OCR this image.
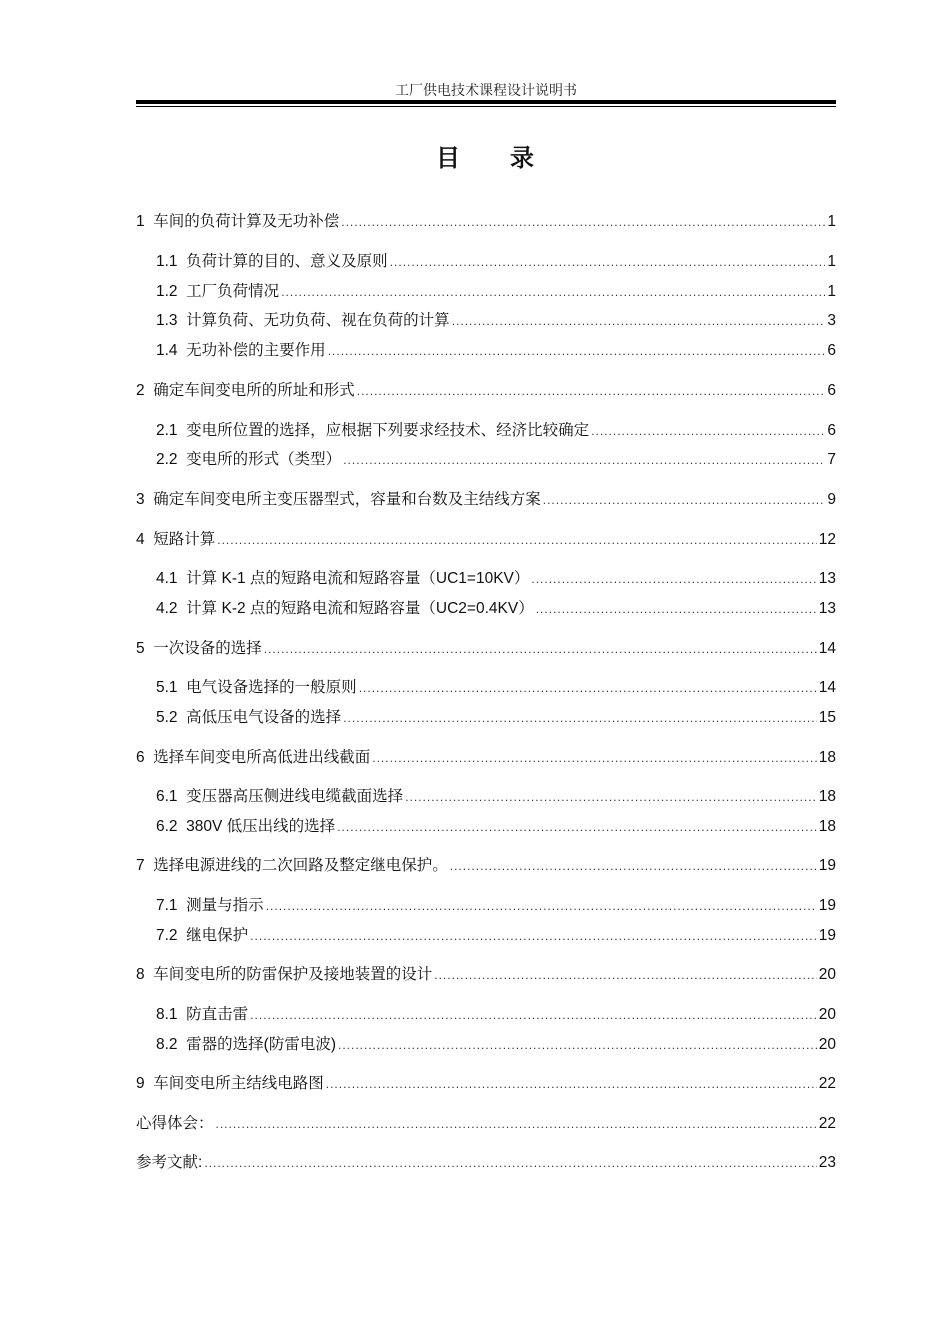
工厂供电技术课程设计说明书
目 录
1 车间的负荷计算及无功补偿 .....	1
1.1 负荷计算的目的、意义及原则 .....	1
1.2 工厂负荷情况 .....	1
1.3 计算负荷、无功负荷、视在负荷的计算 .....	3
1.4 无功补偿的主要作用 .....	6
2 确定车间变电所的所址和形式 .....	6
2.1 变电所位置的选择，应根据下列要求经技术、经济比较确定 .....	6
2.2 变电所的形式（类型） .....	7
3 确定车间变电所主变压器型式，容量和台数及主结线方案 .....	9
4 短路计算 .....	12
4.1 计算 K-1 点的短路电流和短路容量（UC1=10KV） .....	13
4.2 计算 K-2 点的短路电流和短路容量（UC2=0.4KV） .....	13
5 一次设备的选择 .....	14
5.1 电气设备选择的一般原则 .....	14
5.2 高低压电气设备的选择 .....	15
6 选择车间变电所高低进出线截面 .....	18
6.1 变压器高压侧进线电缆截面选择 .....	18
6.2 380V 低压出线的选择 .....	18
7 选择电源进线的二次回路及整定继电保护。 .....	19
7.1 测量与指示 .....	19
7.2 继电保护 .....	19
8 车间变电所的防雷保护及接地装置的设计 .....	20
8.1 防直击雷 .....	20
8.2 雷器的选择(防雷电波) .....	20
9 车间变电所主结线电路图 .....	22
心得体会： .....	22
参考文献: .....	23
